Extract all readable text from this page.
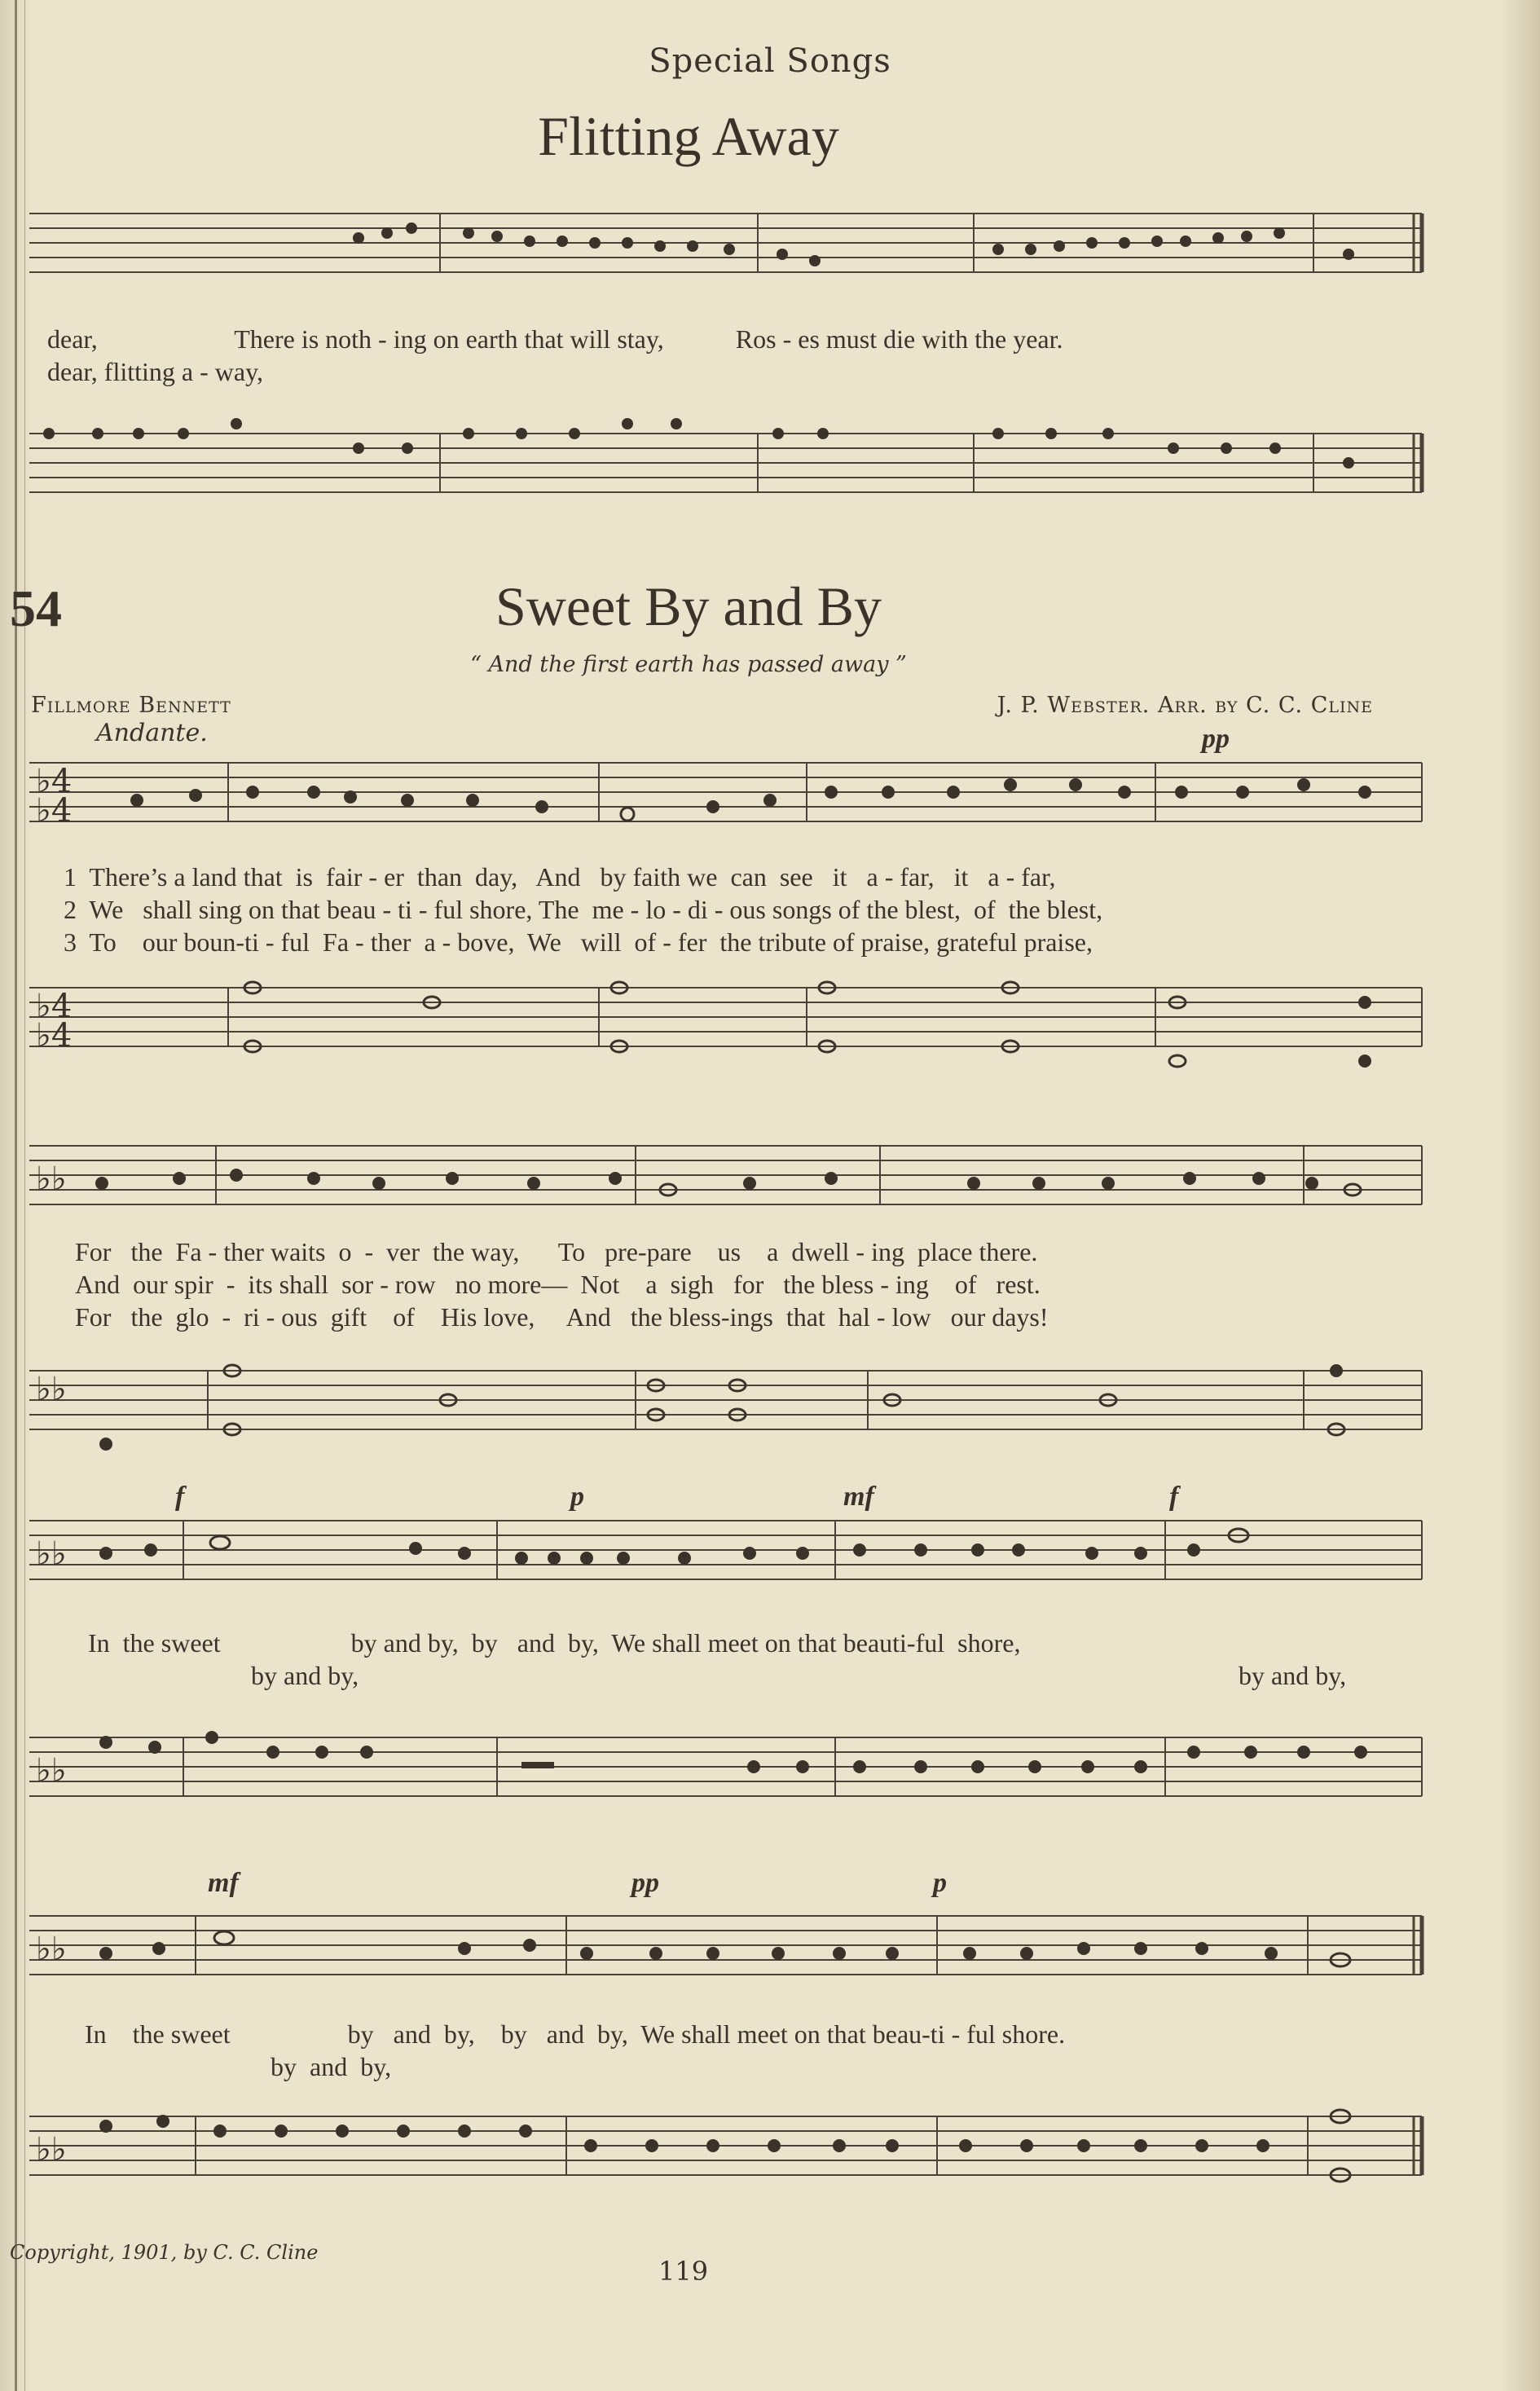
Special Songs
Flitting Away
dear,                     There is noth - ing on earth that will stay,           Ros - es must die with the year.
dear, flitting a - way,
54	Sweet By and By
“ And the first earth has passed away ”
Fillmore Bennett	J. P. Webster. Arr. by C. C. Cline
Andante.
♭4
♭4
pp
1  There’s a land that  is  fair - er  than  day,   And   by faith we  can  see   it   a - far,   it   a - far,
2  We   shall sing on that beau - ti - ful shore, The  me - lo - di - ous songs of the blest,  of  the blest,
3  To    our boun-ti - ful  Fa - ther  a - bove,  We   will  of - fer  the tribute of praise, grateful praise,
♭4
♭4
♭♭
For   the  Fa - ther waits  o  -  ver  the way,      To   pre-pare    us    a  dwell - ing  place there.
And  our spir  -  its shall  sor - row   no more—  Not    a  sigh   for   the bless - ing    of   rest.
For   the  glo  -  ri - ous  gift    of    His love,     And   the bless-ings  that  hal - low   our days!
♭♭
♭♭
f	p	mf	f
In  the sweet                    by and by,  by   and  by,  We shall meet on that beauti-ful  shore,
by and by,	by and by,
♭♭
♭♭
mf	pp	p
In    the sweet                  by   and  by,    by   and  by,  We shall meet on that beau-ti - ful shore.
by  and  by,
♭♭
Copyright, 1901, by C. C. Cline
119
